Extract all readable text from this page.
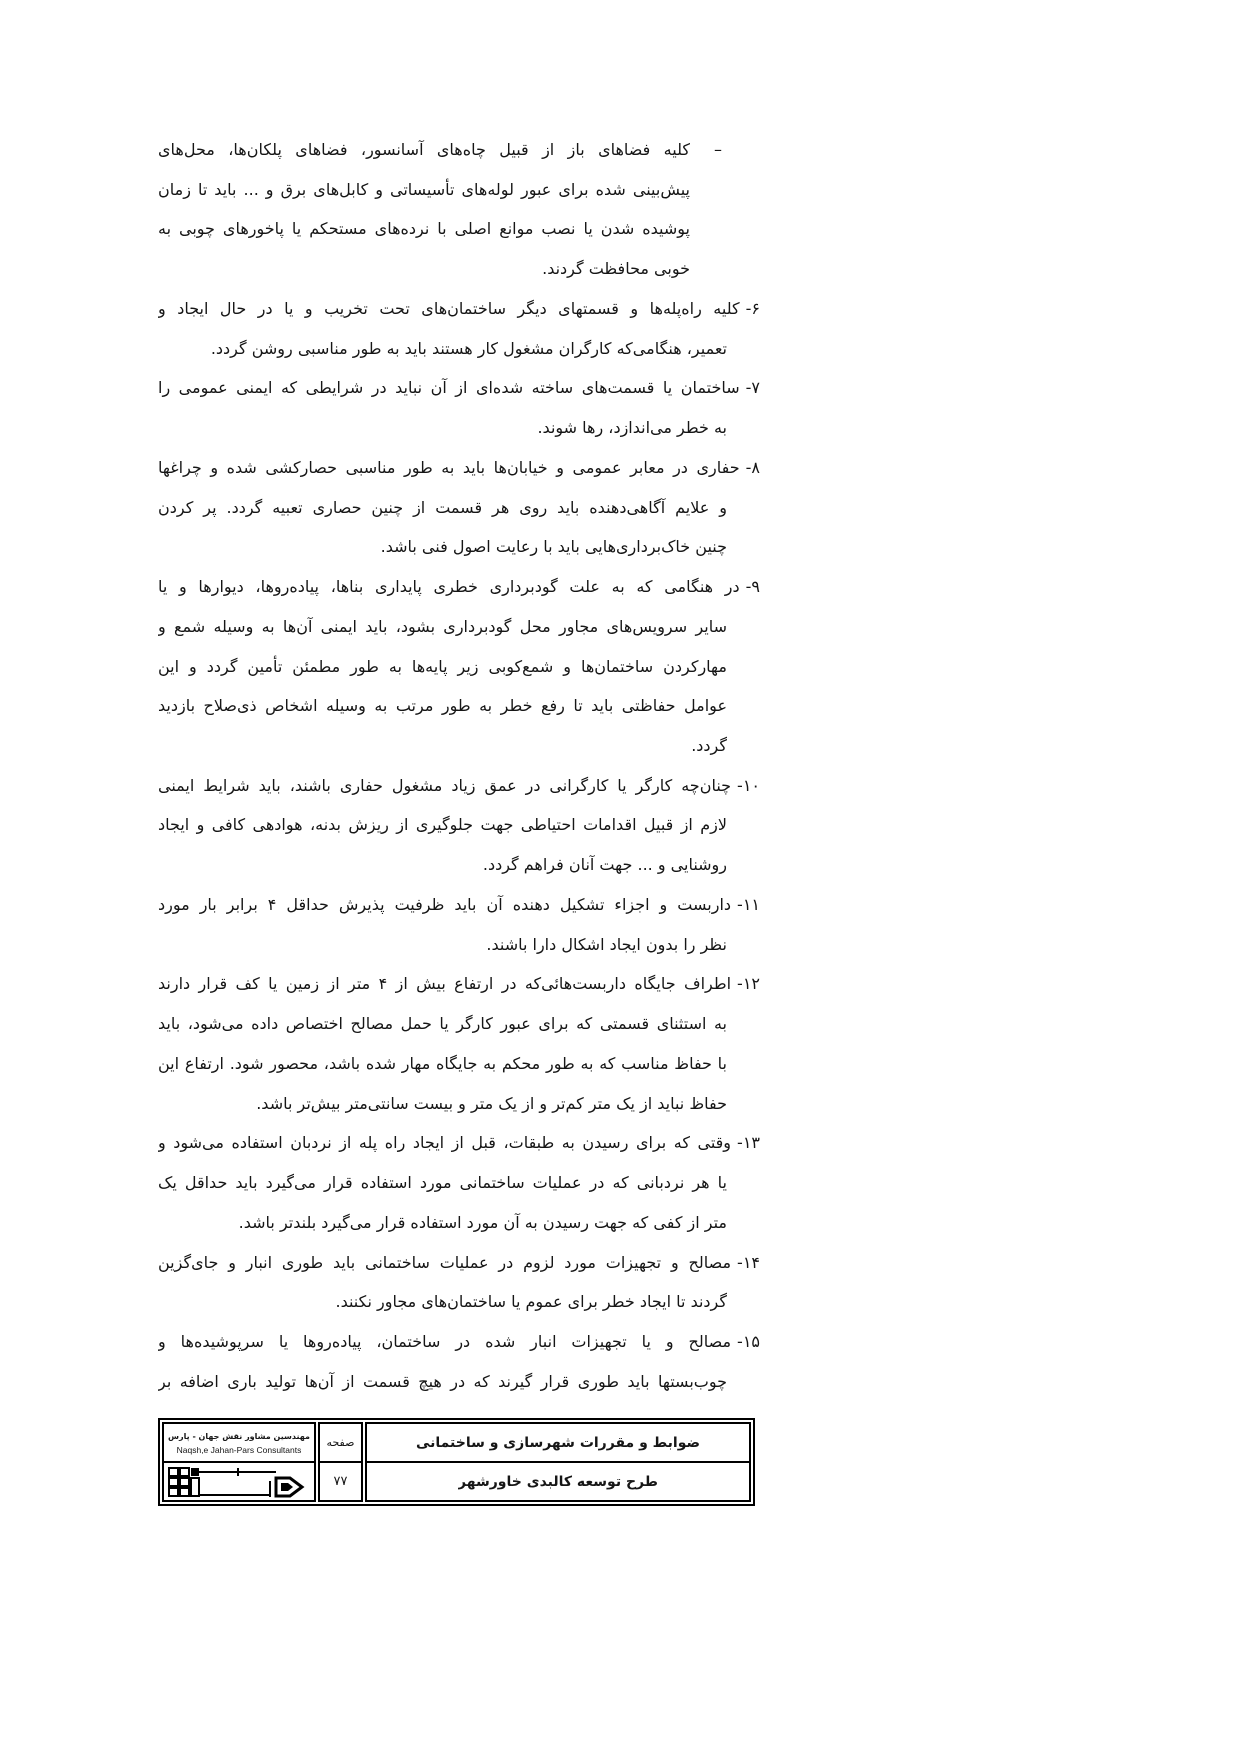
–
کلیه فضاهای باز از قبیل چاه‌های آسانسور، فضاهای پلکان‌ها، محل‌های
پیش‌بینی شده برای عبور لوله‌های تأسیساتی و کابل‌های برق و ... باید تا زمان
پوشیده شدن یا نصب موانع اصلی با نرده‌های مستحکم یا پاخورهای چوبی به
خوبی محافظت گردند.
۶-کلیه راه‌پله‌ها و قسمتهای دیگر ساختمان‌های تحت تخریب و یا در حال ایجاد و
تعمیر، هنگامی‌که کارگران مشغول کار هستند باید به طور مناسبی روشن گردد.
۷-ساختمان یا قسمت‌های ساخته شده‌ای از آن نباید در شرایطی که ایمنی عمومی را
به خطر می‌اندازد، رها شوند.
۸-حفاری در معابر عمومی و خیابان‌ها باید به طور مناسبی حصارکشی شده و چراغها
و علایم آگاهی‌دهنده باید روی هر قسمت از چنین حصاری تعبیه گردد. پر کردن
چنین خاک‌برداری‌هایی باید با رعایت اصول فنی باشد.
۹-در هنگامی که به علت گودبرداری خطری پایداری بناها، پیاده‌روها، دیوارها و یا
سایر سرویس‌های مجاور محل گودبرداری بشود، باید ایمنی آن‌ها به وسیله شمع و
مهارکردن ساختمان‌ها و شمع‌کوبی زیر پایه‌ها به طور مطمئن تأمین گردد و این
عوامل حفاظتی باید تا رفع خطر به طور مرتب به وسیله اشخاص ذی‌صلاح بازدید
گردد.
۱۰-چنان‌چه کارگر یا کارگرانی در عمق زیاد مشغول حفاری باشند، باید شرایط ایمنی
لازم از قبیل اقدامات احتیاطی جهت جلوگیری از ریزش بدنه، هوادهی کافی و ایجاد
روشنایی و ... جهت آنان فراهم گردد.
۱۱-داربست و اجزاء تشکیل دهنده آن باید ظرفیت پذیرش حداقل ۴ برابر بار مورد
نظر را بدون ایجاد اشکال دارا باشند.
۱۲-اطراف جایگاه داربست‌هائی‌که در ارتفاع بیش از ۴ متر از زمین یا کف قرار دارند
به استثنای قسمتی که برای عبور کارگر یا حمل مصالح اختصاص داده می‌شود، باید
با حفاظ مناسب که به طور محکم به جایگاه مهار شده باشد، محصور شود. ارتفاع این
حفاظ نباید از یک متر کم‌تر و از یک متر و بیست سانتی‌متر بیش‌تر باشد.
۱۳-وقتی که برای رسیدن به طبقات، قبل از ایجاد راه پله از نردبان استفاده می‌شود و
یا هر نردبانی که در عملیات ساختمانی مورد استفاده قرار می‌گیرد باید حداقل یک
متر از کفی که جهت رسیدن به آن مورد استفاده قرار می‌گیرد بلندتر باشد.
۱۴-مصالح و تجهیزات مورد لزوم در عملیات ساختمانی باید طوری انبار و جای‌گزین
گردند تا ایجاد خطر برای عموم یا ساختمان‌های مجاور نکنند.
۱۵-مصالح و یا تجهیزات انبار شده در ساختمان، پیاده‌روها یا سرپوشیده‌ها و
چوب‌بستها باید طوری قرار گیرند که در هیچ قسمت از آن‌ها تولید باری اضافه بر
مهندسین مشاور نقش جهان - پارس
Naqsh,e Jahan-Pars Consultants
صفحه
۷۷
ضوابط و مقررات شهرسازی و ساختمانی
طرح توسعه کالبدی خاورشهر
